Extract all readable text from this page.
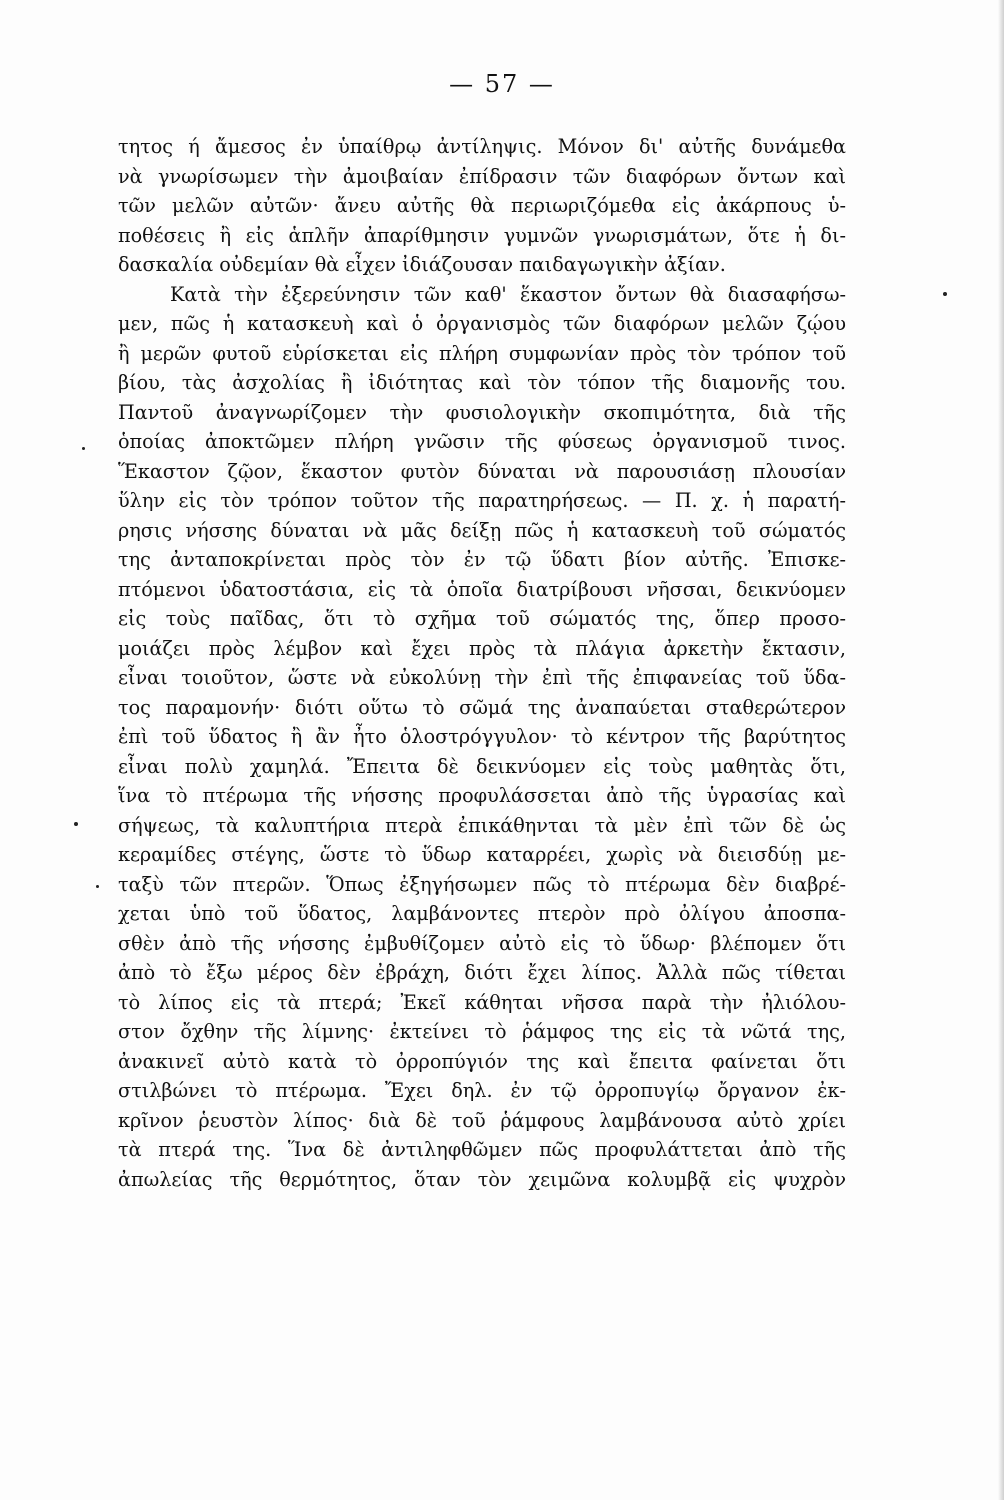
— 57 —
τητος ή ἄμεσος ἐν ὑπαίθρῳ ἀντίληψις. Μόνον δι' αὐτῆς δυνάμεθα
νὰ γνωρίσωμεν τὴν ἀμοιβαίαν ἐπίδρασιν τῶν διαφόρων ὄντων καὶ
τῶν μελῶν αὐτῶν· ἄνευ αὐτῆς θὰ περιωριζόμεθα εἰς ἀκάρπους ὑ-
ποθέσεις ἢ εἰς ἁπλῆν ἀπαρίθμησιν γυμνῶν γνωρισμάτων, ὅτε ἡ δι-
δασκαλία οὐδεμίαν θὰ εἶχεν ἰδιάζουσαν παιδαγωγικὴν ἀξίαν.
Κατὰ τὴν ἐξερεύνησιν τῶν καθ' ἕκαστον ὄντων θὰ διασαφήσω-
μεν, πῶς ἡ κατασκευὴ καὶ ὁ ὀργανισμὸς τῶν διαφόρων μελῶν ζῴου
ἢ μερῶν φυτοῦ εὑρίσκεται εἰς πλήρη συμφωνίαν πρὸς τὸν τρόπον τοῦ
βίου, τὰς ἀσχολίας ἢ ἰδιότητας καὶ τὸν τόπον τῆς διαμονῆς του.
Παντοῦ ἀναγνωρίζομεν τὴν φυσιολογικὴν σκοπιμότητα, διὰ τῆς
ὁποίας ἀποκτῶμεν πλήρη γνῶσιν τῆς φύσεως ὀργανισμοῦ τινος.
Ἕκαστον ζῷον, ἕκαστον φυτὸν δύναται νὰ παρουσιάσῃ πλουσίαν
ὕλην εἰς τὸν τρόπον τοῦτον τῆς παρατηρήσεως. — Π. χ. ἡ παρατή-
ρησις νήσσης δύναται νὰ μᾶς δείξῃ πῶς ἡ κατασκευὴ τοῦ σώματός
της ἀνταποκρίνεται πρὸς τὸν ἐν τῷ ὕδατι βίον αὐτῆς. Ἐπισκε-
πτόμενοι ὑδατοστάσια, εἰς τὰ ὁποῖα διατρίβουσι νῆσσαι, δεικνύομεν
εἰς τοὺς παῖδας, ὅτι τὸ σχῆμα τοῦ σώματός της, ὅπερ προσο-
μοιάζει πρὸς λέμβον καὶ ἔχει πρὸς τὰ πλάγια ἀρκετὴν ἔκτασιν,
εἶναι τοιοῦτον, ὥστε νὰ εὐκολύνῃ τὴν ἐπὶ τῆς ἐπιφανείας τοῦ ὕδα-
τος παραμονήν· διότι οὕτω τὸ σῶμά της ἀναπαύεται σταθερώτερον
ἐπὶ τοῦ ὕδατος ἢ ἂν ἦτο ὁλοστρόγγυλον· τὸ κέντρον τῆς βαρύτητος
εἶναι πολὺ χαμηλά. Ἔπειτα δὲ δεικνύομεν εἰς τοὺς μαθητὰς ὅτι,
ἵνα τὸ πτέρωμα τῆς νήσσης προφυλάσσεται ἀπὸ τῆς ὑγρασίας καὶ
σήψεως, τὰ καλυπτήρια πτερὰ ἐπικάθηνται τὰ μὲν ἐπὶ τῶν δὲ ὡς
κεραμίδες στέγης, ὥστε τὸ ὕδωρ καταρρέει, χωρὶς νὰ διεισδύῃ με-
ταξὺ τῶν πτερῶν. Ὅπως ἐξηγήσωμεν πῶς τὸ πτέρωμα δὲν διαβρέ-
χεται ὑπὸ τοῦ ὕδατος, λαμβάνοντες πτερὸν πρὸ ὀλίγου ἀποσπα-
σθὲν ἀπὸ τῆς νήσσης ἐμβυθίζομεν αὐτὸ εἰς τὸ ὕδωρ· βλέπομεν ὅτι
ἀπὸ τὸ ἔξω μέρος δὲν ἐβράχη, διότι ἔχει λίπος. Ἀλλὰ πῶς τίθεται
τὸ λίπος εἰς τὰ πτερά; Ἐκεῖ κάθηται νῆσσα παρὰ τὴν ἠλιόλου-
στον ὄχθην τῆς λίμνης· ἐκτείνει τὸ ῥάμφος της εἰς τὰ νῶτά της,
ἀνακινεῖ αὐτὸ κατὰ τὸ ὀρροπύγιόν της καὶ ἔπειτα φαίνεται ὅτι
στιλβώνει τὸ πτέρωμα. Ἔχει δηλ. ἐν τῷ ὀρροπυγίῳ ὄργανον ἐκ-
κρῖνον ῥευστὸν λίπος· διὰ δὲ τοῦ ῥάμφους λαμβάνουσα αὐτὸ χρίει
τὰ πτερά της. Ἵνα δὲ ἀντιληφθῶμεν πῶς προφυλάττεται ἀπὸ τῆς
ἀπωλείας τῆς θερμότητος, ὅταν τὸν χειμῶνα κολυμβᾷ εἰς ψυχρὸν
